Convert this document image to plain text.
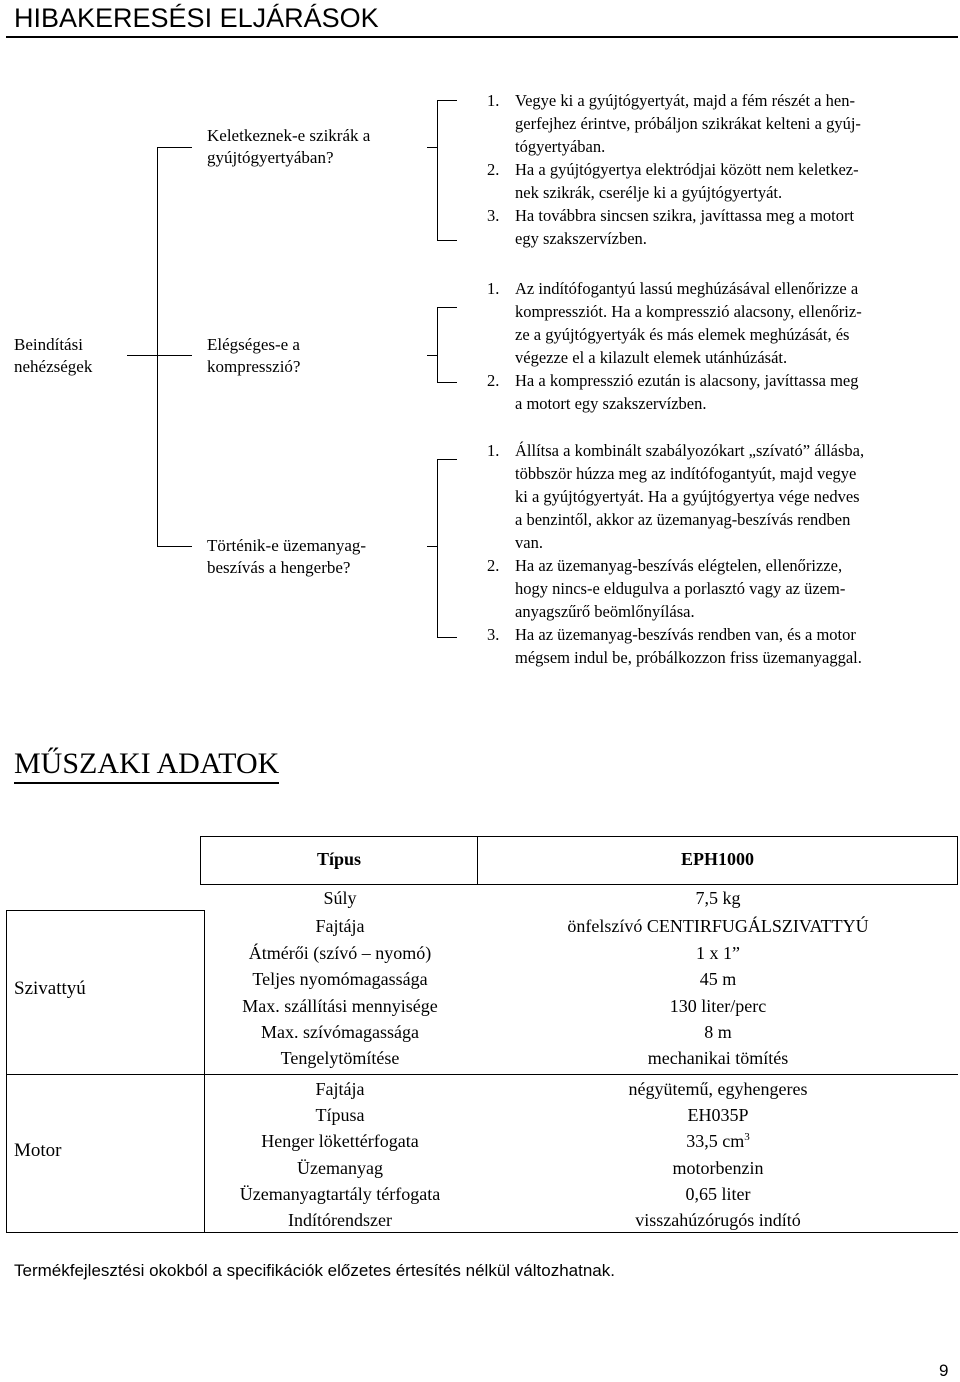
HIBAKERESÉSI ELJÁRÁSOK
Beindítási
nehézségek
Keletkeznek-e szikrák a
gyújtógyertyában?
Elégséges-e a
kompresszió?
Történik-e üzemanyag-
beszívás a hengerbe?
1. Vegye ki a gyújtógyertyát, majd a fém részét a hen-
gerfejhez érintve, próbáljon szikrákat kelteni a gyúj-
tógyertyában.
2. Ha a gyújtógyertya elektródjai között nem keletkez-
nek szikrák, cserélje ki a gyújtógyertyát.
3. Ha továbbra sincsen szikra, javíttassa meg a motort
egy szakszervízben.
1. Az indítófogantyú lassú meghúzásával ellenőrizze a
kompressziót. Ha a kompresszió alacsony, ellenőriz-
ze a gyújtógyertyák és más elemek meghúzását, és
végezze el a kilazult elemek utánhúzását.
2. Ha a kompresszió ezután is alacsony, javíttassa meg
a motort egy szakszervízben.
1. Állítsa a kombinált szabályozókart „szívató” állásba,
többször húzza meg az indítófogantyút, majd vegye
ki a gyújtógyertyát. Ha a gyújtógyertya vége nedves
a benzintől, akkor az üzemanyag-beszívás rendben
van.
2. Ha az üzemanyag-beszívás elégtelen, ellenőrizze,
hogy nincs-e eldugulva a porlasztó vagy az üzem-
anyagszűrő beömlőnyílása.
3. Ha az üzemanyag-beszívás rendben van, és a motor
mégsem indul be, próbálkozzon friss üzemanyaggal.
MŰSZAKI ADATOK
Típus	EPH1000
Szivattyú
Motor
Súly	7,5 kg
Fajtája	önfelszívó CENTIRFUGÁLSZIVATTYÚ
Átmérői (szívó – nyomó)	1 x 1”
Teljes nyomómagassága	45 m
Max. szállítási mennyisége	130 liter/perc
Max. szívómagassága	8 m
Tengelytömítése	mechanikai tömítés
Fajtája	négyütemű, egyhengeres
Típusa	EH035P
Henger lökettérfogata	33,5 $cm^3$
Üzemanyag	motorbenzin
Üzemanyagtartály térfogata	0,65 liter
Indítórendszer	visszahúzórugós indító
Termékfejlesztési okokból a specifikációk előzetes értesítés nélkül változhatnak.
9
